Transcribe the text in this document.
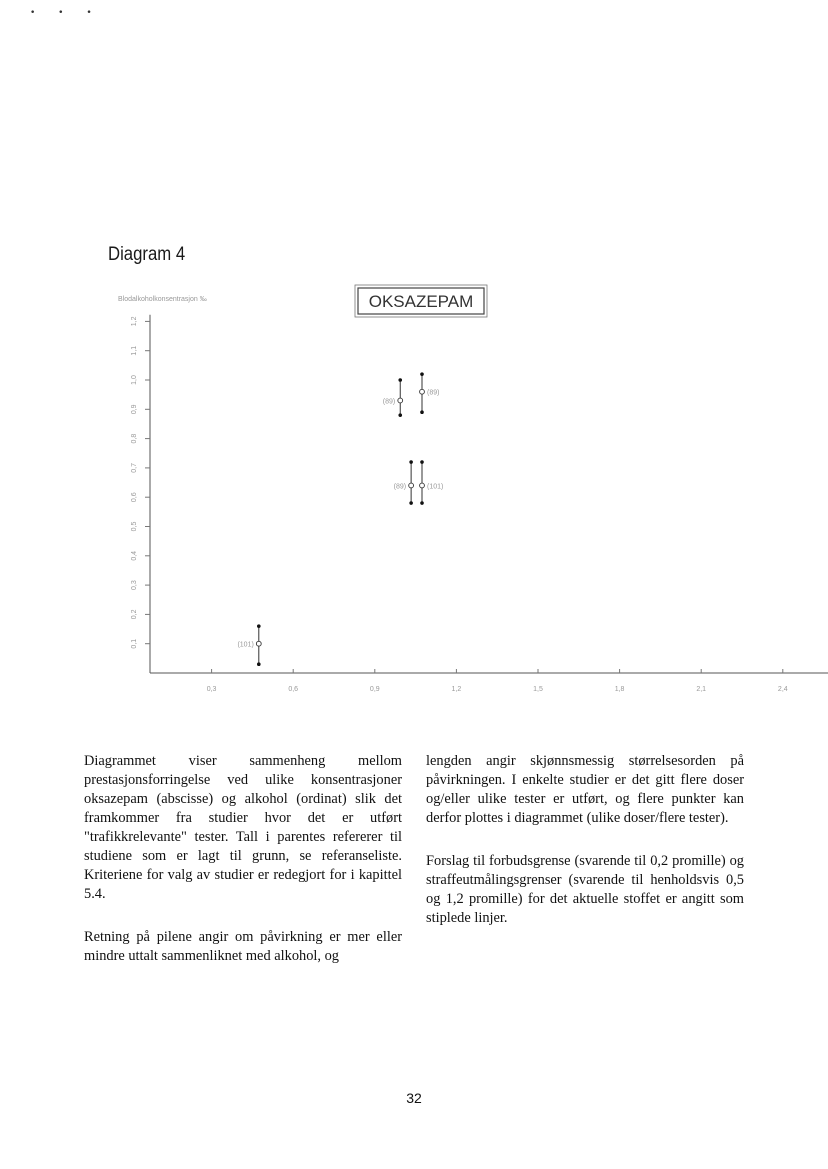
• • •
Diagram 4
OKSAZEPAM
Blodalkoholkonsentrasjon ‰
0,1
0,2
0,3
0,4
0,5
0,6
0,7
0,8
0,9
1,0
1,1
1,2
0,3	0,6	0,9	1,2	1,5	1,8	2,1	2,4
(101)
(89)
(89)
(89)	(101)

Diagrammet viser sammenheng mellom prestasjonsforringelse ved ulike konsentrasjoner oksazepam (abscisse) og alkohol (ordinat) slik det framkommer fra studier hvor det er utført "trafikkrelevante" tester. Tall i parentes refererer til studiene som er lagt til grunn, se referanseliste. Kriteriene for valg av studier er redegjort for i kapittel 5.4.

Retning på pilene angir om påvirkning er mer eller mindre uttalt sammenliknet med alkohol, og

lengden angir skjønnsmessig størrelsesorden på påvirkningen. I enkelte studier er det gitt flere doser og/eller ulike tester er utført, og flere punkter kan derfor plottes i diagrammet (ulike doser/flere tester).

Forslag til forbudsgrense (svarende til 0,2 promille) og straffeutmålingsgrenser (svarende til henholdsvis 0,5 og 1,2 promille) for det aktuelle stoffet er angitt som stiplede linjer.

32
